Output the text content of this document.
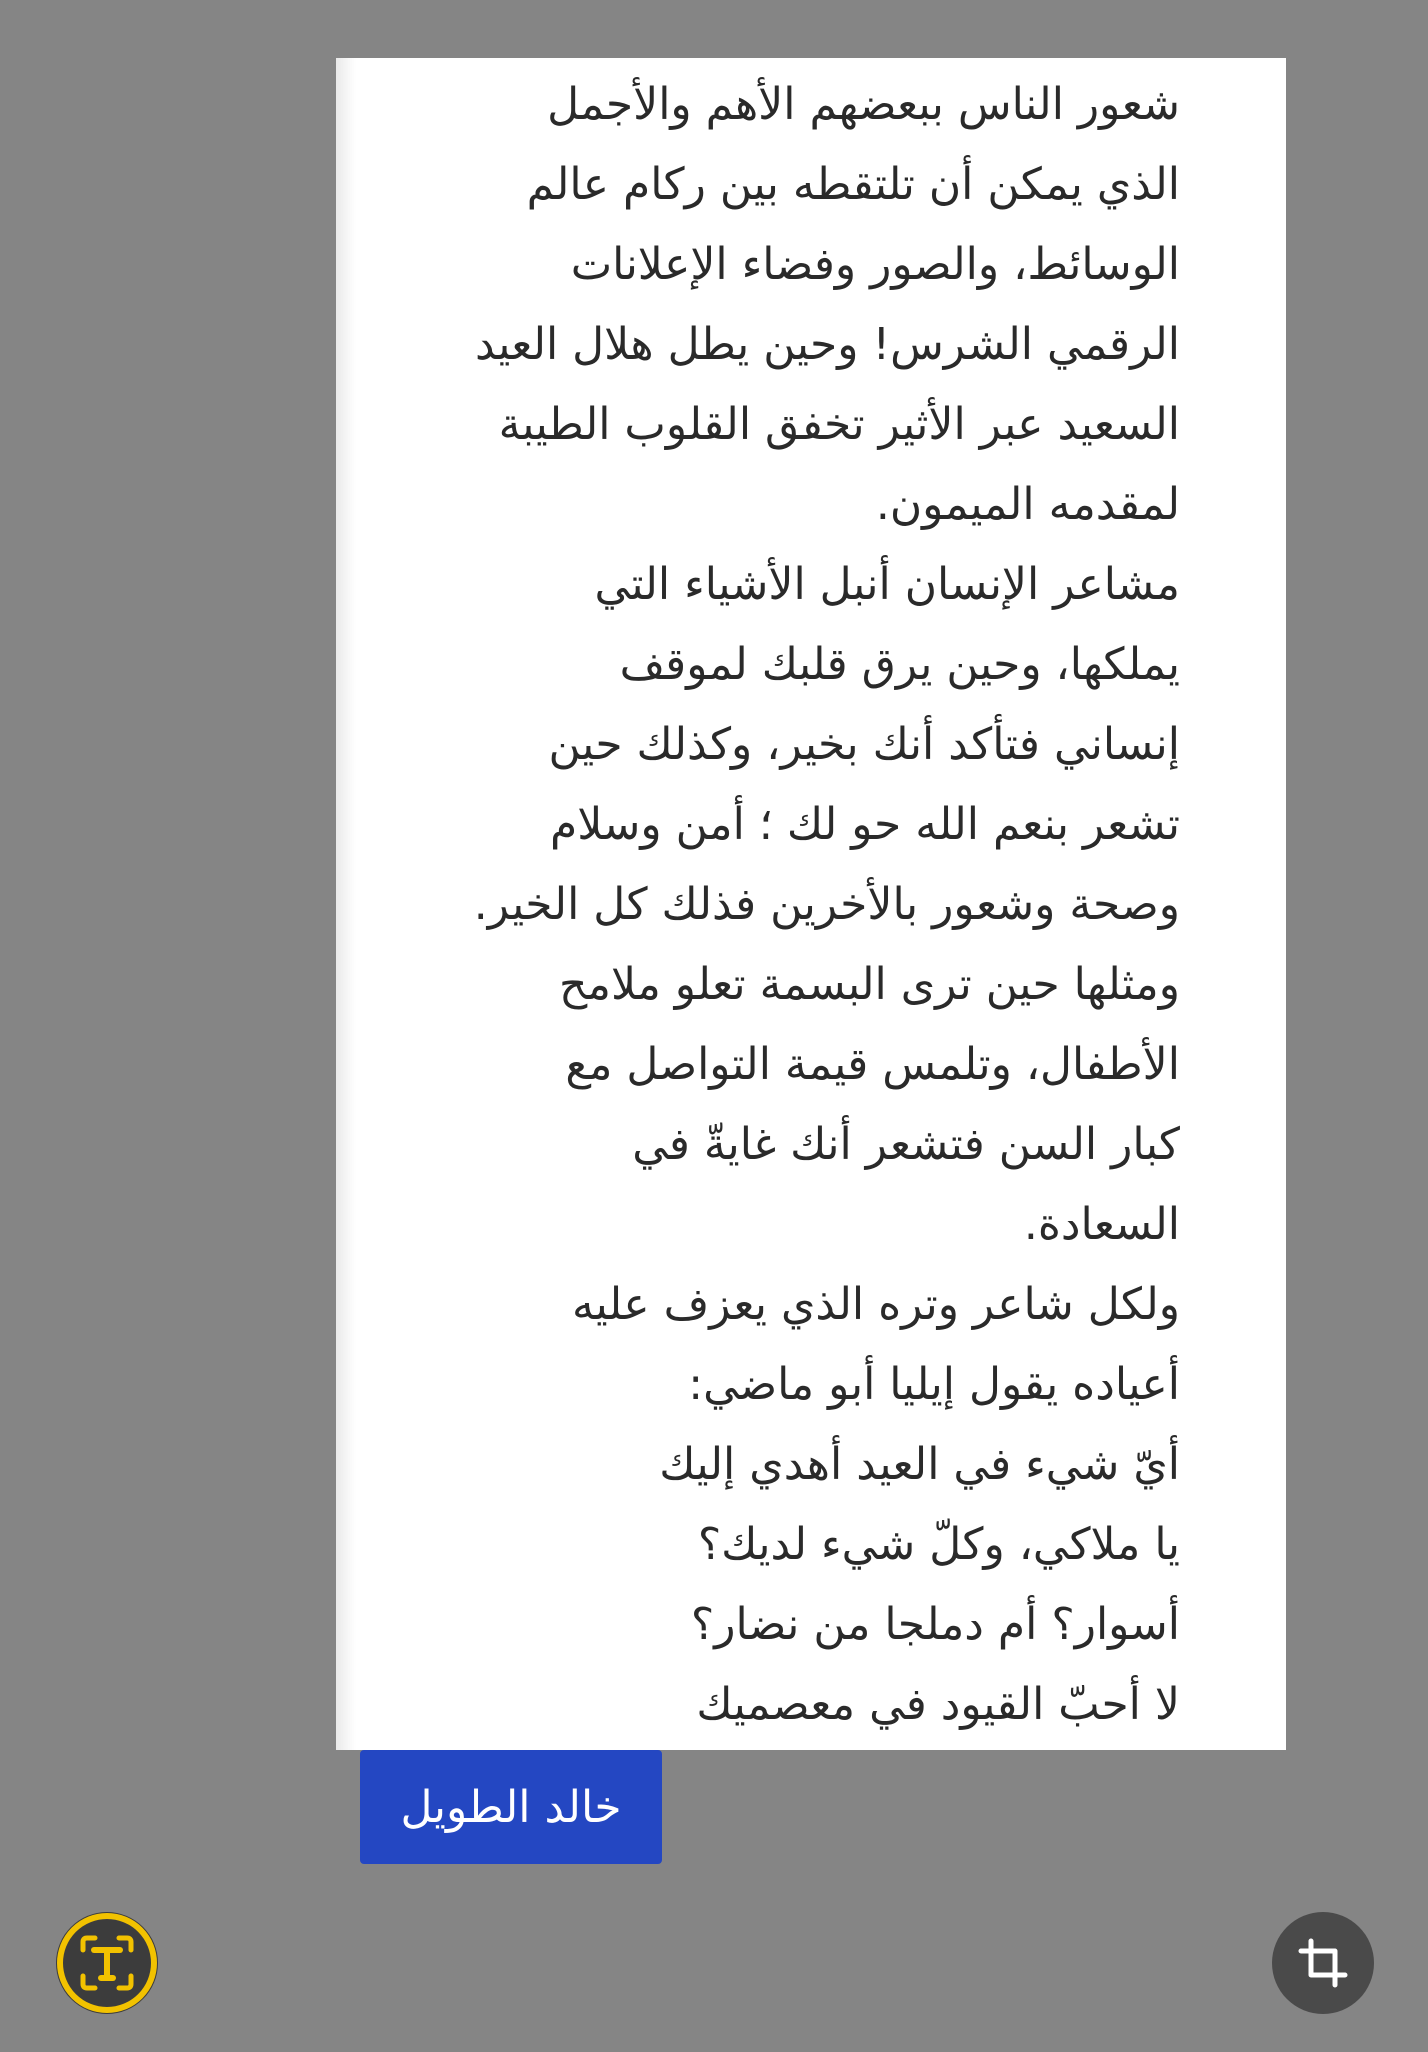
شعور الناس ببعضهم الأهم والأجمل
الذي يمكن أن تلتقطه بين ركام عالم
الوسائط، والصور وفضاء الإعلانات
الرقمي الشرس! وحين يطل هلال العيد
السعيد عبر الأثير تخفق القلوب الطيبة
لمقدمه الميمون.
مشاعر الإنسان أنبل الأشياء التي
يملكها، وحين يرق قلبك لموقف
إنساني فتأكد أنك بخير، وكذلك حين
تشعر بنعم الله حو لك ؛ أمن وسلام
وصحة وشعور بالأخرين فذلك كل الخير.
ومثلها حين ترى البسمة تعلو ملامح
الأطفال، وتلمس قيمة التواصل مع
كبار السن فتشعر أنك غايةّ في
السعادة.
ولكل شاعر وتره الذي يعزف عليه
أعياده يقول إيليا أبو ماضي:
أيّ شيء في العيد أهدي إليك
يا ملاكي، وكلّ شيء لديك؟
أسوار؟ أم دملجا من نضار؟
لا أحبّ القيود في معصميك
خالد الطويل
